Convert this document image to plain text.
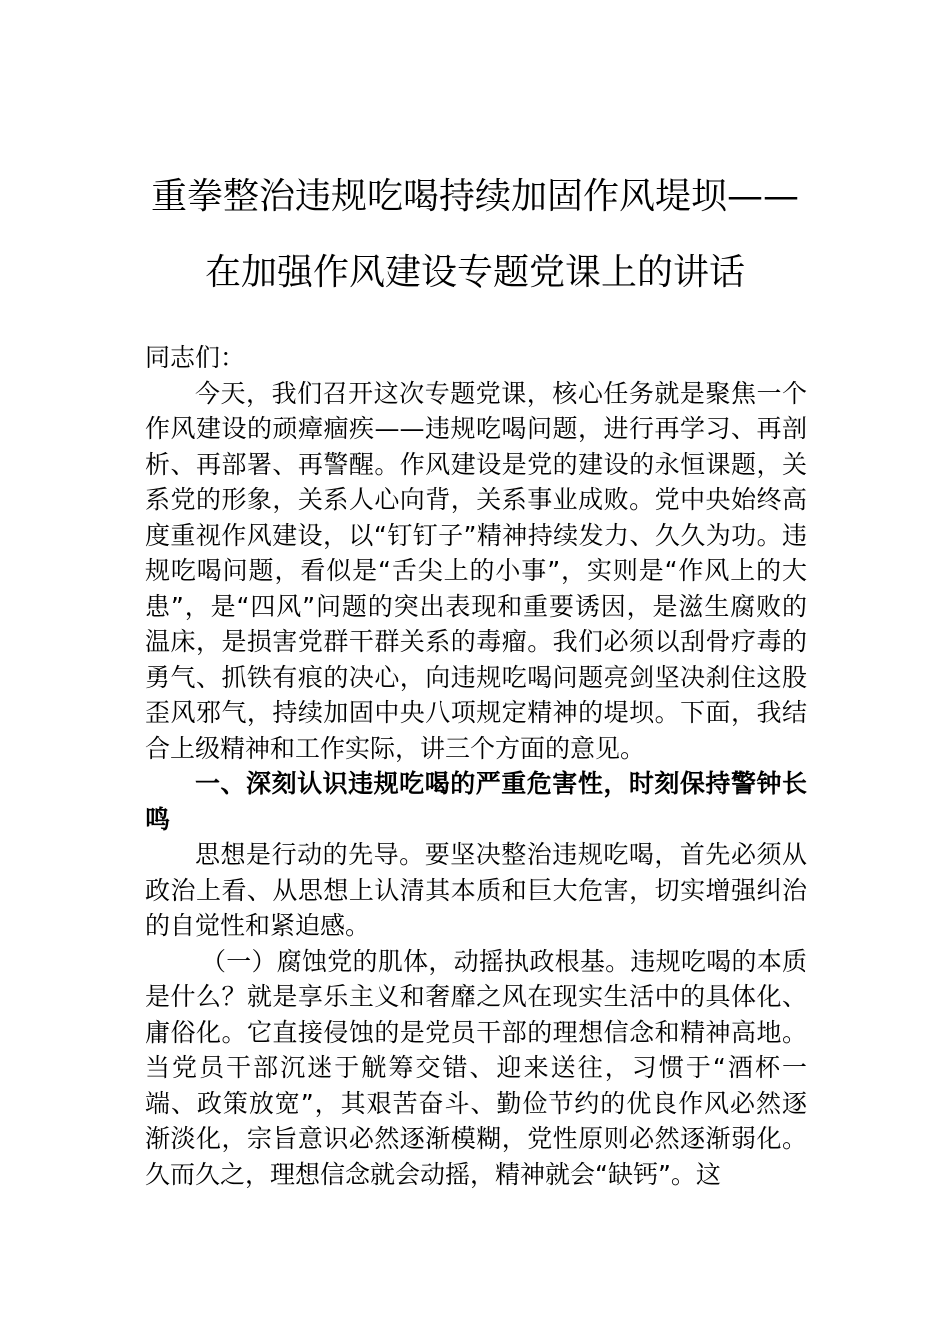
重拳整治违规吃喝持续加固作风堤坝——
在加强作风建设专题党课上的讲话

同志们：

今天，我们召开这次专题党课，核心任务就是聚焦一个作风建设的顽瘴痼疾——违规吃喝问题，进行再学习、再剖析、再部署、再警醒。作风建设是党的建设的永恒课题，关系党的形象，关系人心向背，关系事业成败。党中央始终高度重视作风建设，以“钉钉子”精神持续发力、久久为功。违规吃喝问题，看似是“舌尖上的小事”，实则是“作风上的大患”，是“四风”问题的突出表现和重要诱因，是滋生腐败的温床，是损害党群干群关系的毒瘤。我们必须以刮骨疗毒的勇气、抓铁有痕的决心，向违规吃喝问题亮剑坚决刹住这股歪风邪气，持续加固中央八项规定精神的堤坝。下面，我结合上级精神和工作实际，讲三个方面的意见。

一、深刻认识违规吃喝的严重危害性，时刻保持警钟长鸣

思想是行动的先导。要坚决整治违规吃喝，首先必须从政治上看、从思想上认清其本质和巨大危害，切实增强纠治的自觉性和紧迫感。

（一）腐蚀党的肌体，动摇执政根基。违规吃喝的本质是什么？就是享乐主义和奢靡之风在现实生活中的具体化、庸俗化。它直接侵蚀的是党员干部的理想信念和精神高地。当党员干部沉迷于觥筹交错、迎来送往，习惯于“酒杯一端、政策放宽”，其艰苦奋斗、勤俭节约的优良作风必然逐渐淡化，宗旨意识必然逐渐模糊，党性原则必然逐渐弱化。久而久之，理想信念就会动摇，精神就会“缺钙”。这
